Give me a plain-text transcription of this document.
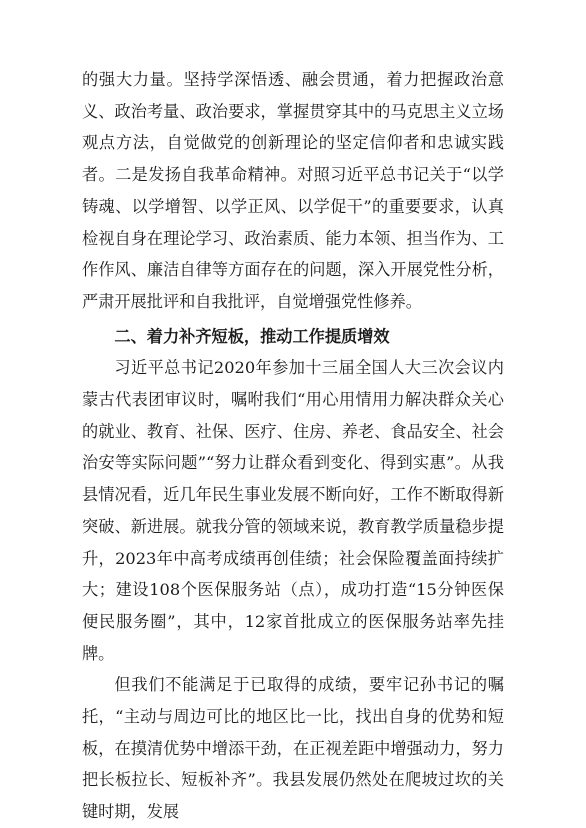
的强大力量。坚持学深悟透、融会贯通，着力把握政治意义、政治考量、政治要求，掌握贯穿其中的马克思主义立场观点方法，自觉做党的创新理论的坚定信仰者和忠诚实践者。二是发扬自我革命精神。对照习近平总书记关于“以学铸魂、以学增智、以学正风、以学促干”的重要要求，认真检视自身在理论学习、政治素质、能力本领、担当作为、工作作风、廉洁自律等方面存在的问题，深入开展党性分析，严肃开展批评和自我批评，自觉增强党性修养。

二、着力补齐短板，推动工作提质增效

习近平总书记2020年参加十三届全国人大三次会议内蒙古代表团审议时，嘱咐我们“用心用情用力解决群众关心的就业、教育、社保、医疗、住房、养老、食品安全、社会治安等实际问题”“努力让群众看到变化、得到实惠”。从我县情况看，近几年民生事业发展不断向好，工作不断取得新突破、新进展。就我分管的领域来说，教育教学质量稳步提升，2023年中高考成绩再创佳绩；社会保险覆盖面持续扩大；建设108个医保服务站（点），成功打造“15分钟医保便民服务圈”，其中，12家首批成立的医保服务站率先挂牌。

但我们不能满足于已取得的成绩，要牢记孙书记的嘱托，“主动与周边可比的地区比一比，找出自身的优势和短板，在摸清优势中增添干劲，在正视差距中增强动力，努力把长板拉长、短板补齐”。我县发展仍然处在爬坡过坎的关键时期，发展
